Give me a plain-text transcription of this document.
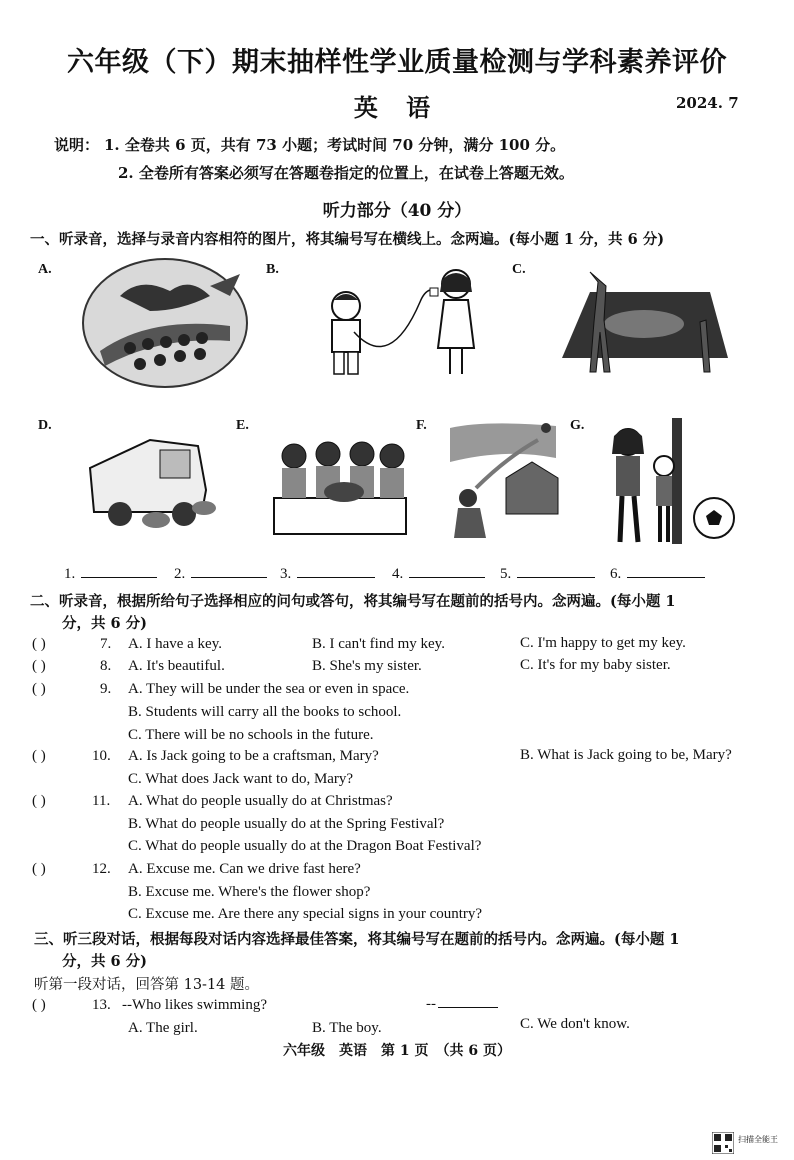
六年级（下）期末抽样性学业质量检测与学科素养评价
英 语	2024. 7
说明： 1. 全卷共 6 页，共有 73 小题；考试时间 70 分钟，满分 100 分。
2. 全卷所有答案必须写在答题卷指定的位置上，在试卷上答题无效。
听力部分（40 分）
一、听录音，选择与录音内容相符的图片，将其编号写在横线上。念两遍。(每小题 1 分，共 6 分)
A.	B.	C.
D.	E.	F.	G.
1.	2.	3.	4.	5.	6.
二、听录音，根据所给句子选择相应的问句或答句，将其编号写在题前的括号内。念两遍。(每小题 1
分，共 6 分)
( )	7. A. I have a key.	B. I can't find my key.	C. I'm happy to get my key.
( )	8. A. It's beautiful.	B. She's my sister.	C. It's for my baby sister.
( )	9. A. They will be under the sea or even in space.
B. Students will carry all the books to school.
C. There will be no schools in the future.
( )	10. A. Is Jack going to be a craftsman, Mary?	B. What is Jack going to be, Mary?
C. What does Jack want to do, Mary?
( )	11. A. What do people usually do at Christmas?
B. What do people usually do at the Spring Festival?
C. What do people usually do at the Dragon Boat Festival?
( )	12. A. Excuse me. Can we drive fast here?
B. Excuse me. Where's the flower shop?
C. Excuse me. Are there any special signs in your country?
三、听三段对话，根据每段对话内容选择最佳答案，将其编号写在题前的括号内。念两遍。(每小题 1
分，共 6 分)
听第一段对话，回答第 13-14 题。
( )	13. --Who likes swimming?	--
A. The girl.	B. The boy.	C. We don't know.
六年级　英语　第 1 页　（共 6 页）
扫描全能王
